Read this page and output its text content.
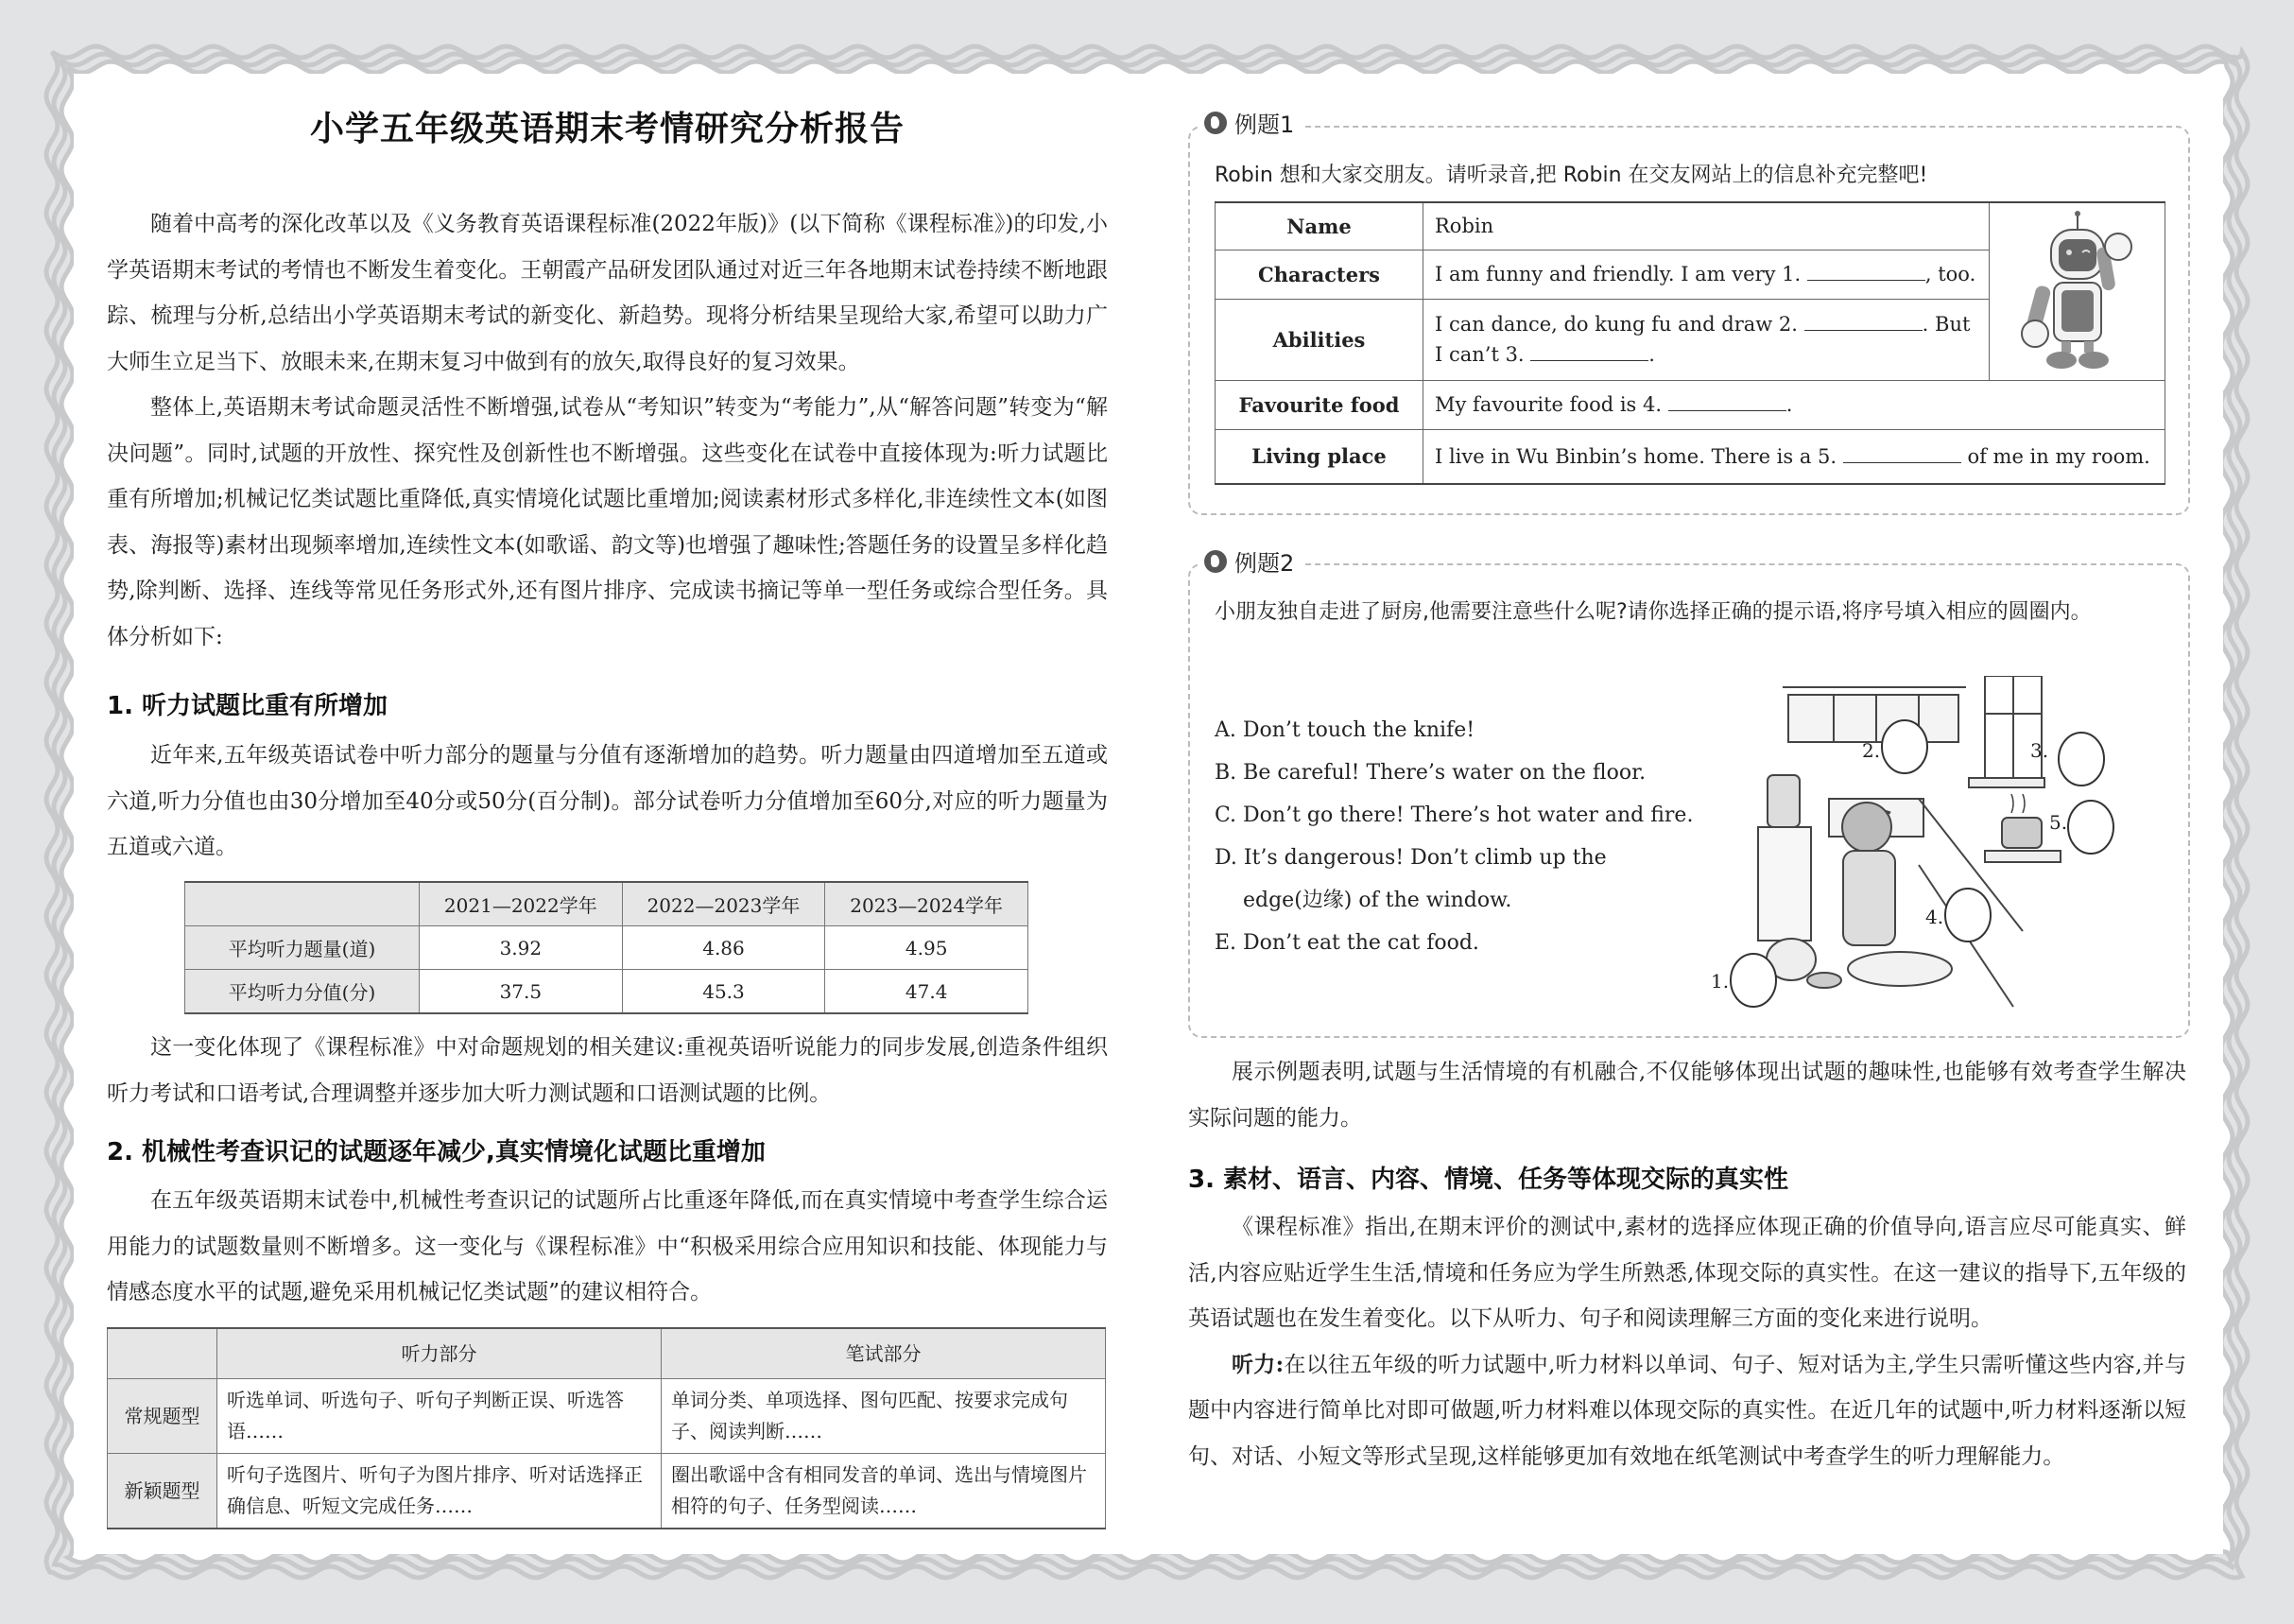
小学五年级英语期末考情研究分析报告

随着中高考的深化改革以及《义务教育英语课程标准(2022年版)》(以下简称《课程标准》)的印发,小学英语期末考试的考情也不断发生着变化。王朝霞产品研发团队通过对近三年各地期末试卷持续不断地跟踪、梳理与分析,总结出小学英语期末考试的新变化、新趋势。现将分析结果呈现给大家,希望可以助力广大师生立足当下、放眼未来,在期末复习中做到有的放矢,取得良好的复习效果。

整体上,英语期末考试命题灵活性不断增强,试卷从“考知识”转变为“考能力”,从“解答问题”转变为“解决问题”。同时,试题的开放性、探究性及创新性也不断增强。这些变化在试卷中直接体现为:听力试题比重有所增加;机械记忆类试题比重降低,真实情境化试题比重增加;阅读素材形式多样化,非连续性文本(如图表、海报等)素材出现频率增加,连续性文本(如歌谣、韵文等)也增强了趣味性;答题任务的设置呈多样化趋势,除判断、选择、连线等常见任务形式外,还有图片排序、完成读书摘记等单一型任务或综合型任务。具体分析如下:

1. 听力试题比重有所增加

近年来,五年级英语试卷中听力部分的题量与分值有逐渐增加的趋势。听力题量由四道增加至五道或六道,听力分值也由30分增加至40分或50分(百分制)。部分试卷听力分值增加至60分,对应的听力题量为五道或六道。

	2021—2022学年	2022—2023学年	2023—2024学年
平均听力题量(道)	3.92	4.86	4.95
平均听力分值(分)	37.5	45.3	47.4

这一变化体现了《课程标准》中对命题规划的相关建议:重视英语听说能力的同步发展,创造条件组织听力考试和口语考试,合理调整并逐步加大听力测试题和口语测试题的比例。

2. 机械性考查识记的试题逐年减少,真实情境化试题比重增加

在五年级英语期末试卷中,机械性考查识记的试题所占比重逐年降低,而在真实情境中考查学生综合运用能力的试题数量则不断增多。这一变化与《课程标准》中“积极采用综合应用知识和技能、体现能力与情感态度水平的试题,避免采用机械记忆类试题”的建议相符合。

	听力部分	笔试部分
常规题型	听选单词、听选句子、听句子判断正误、听选答语……	单词分类、单项选择、图句匹配、按要求完成句子、阅读判断……
新颖题型	听句子选图片、听句子为图片排序、听对话选择正确信息、听短文完成任务……	圈出歌谣中含有相同发音的单词、选出与情境图片相符的句子、任务型阅读……
例题1
Robin 想和大家交朋友。请听录音,把 Robin 在交友网站上的信息补充完整吧!
Name	Robin	
Characters	I am funny and friendly. I am very 1. , too.	
Abilities	I can dance, do kung fu and draw 2. . But I can’t 3. .	
Favourite food	My favourite food is 4. .	
Living place	I live in Wu Binbin’s home. There is a 5. of me in my room.	
例题2
小朋友独自走进了厨房,他需要注意些什么呢?请你选择正确的提示语,将序号填入相应的圆圈内。
A. Don’t touch the knife!
B. Be careful! There’s water on the floor.
C. Don’t go there! There’s hot water and fire.
D. It’s dangerous! Don’t climb up the
edge(边缘) of the window.
E. Don’t eat the cat food.
1.
2.	3.
4.
5.

展示例题表明,试题与生活情境的有机融合,不仅能够体现出试题的趣味性,也能够有效考查学生解决实际问题的能力。

3. 素材、语言、内容、情境、任务等体现交际的真实性

《课程标准》指出,在期末评价的测试中,素材的选择应体现正确的价值导向,语言应尽可能真实、鲜活,内容应贴近学生生活,情境和任务应为学生所熟悉,体现交际的真实性。在这一建议的指导下,五年级的英语试题也在发生着变化。以下从听力、句子和阅读理解三方面的变化来进行说明。

听力:在以往五年级的听力试题中,听力材料以单词、句子、短对话为主,学生只需听懂这些内容,并与题中内容进行简单比对即可做题,听力材料难以体现交际的真实性。在近几年的试题中,听力材料逐渐以短句、对话、小短文等形式呈现,这样能够更加有效地在纸笔测试中考查学生的听力理解能力。
